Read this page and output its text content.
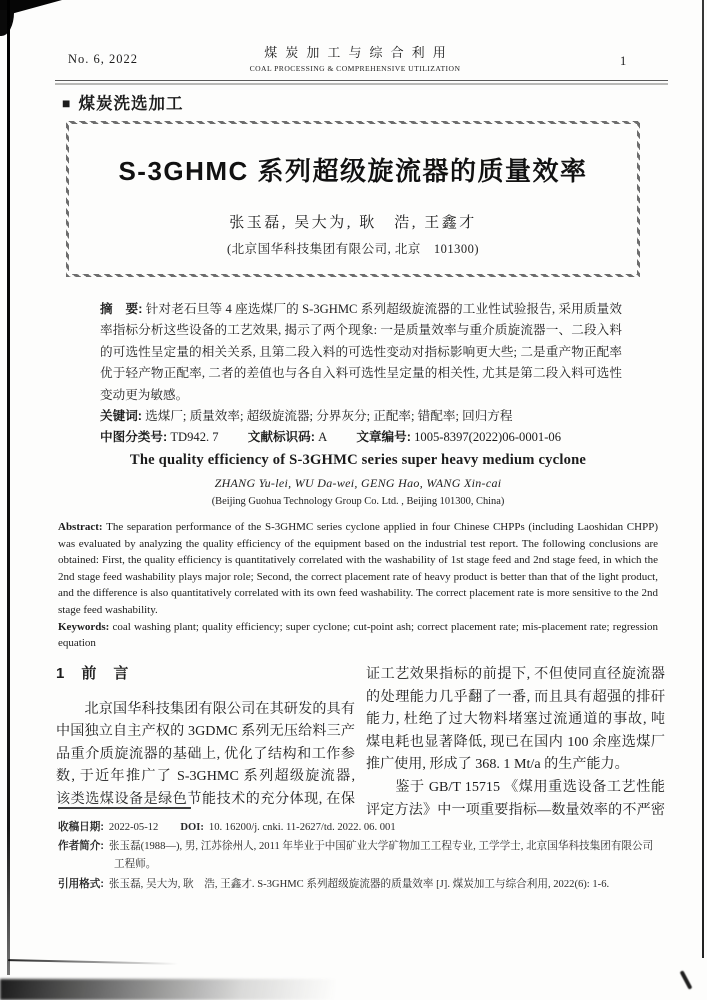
No. 6, 2022	煤炭加工与综合利用
COAL PROCESSING & COMPREHENSIVE UTILIZATION
1
■ 煤炭洗选加工
S-3GHMC 系列超级旋流器的质量效率
张玉磊, 吴大为, 耿　浩, 王鑫才
(北京国华科技集团有限公司, 北京　101300)

摘　要: 针对老石旦等 4 座选煤厂的 S-3GHMC 系列超级旋流器的工业性试验报告, 采用质量效率指标分析这些设备的工艺效果, 揭示了两个现象: 一是质量效率与重介质旋流器一、二段入料的可选性呈定量的相关关系, 且第二段入料的可选性变动对指标影响更大些; 二是重产物正配率优于轻产物正配率, 二者的差值也与各自入料可选性呈定量的相关性, 尤其是第二段入料可选性变动更为敏感。

关键词: 选煤厂; 质量效率; 超级旋流器; 分界灰分; 正配率; 错配率; 回归方程

中图分类号: TD942. 7 文献标识码: A 文章编号: 1005-8397(2022)06-0001-06

The quality efficiency of S-3GHMC series super heavy medium cyclone

ZHANG Yu-lei, WU Da-wei, GENG Hao, WANG Xin-cai

(Beijing Guohua Technology Group Co. Ltd. , Beijing 101300, China)

Abstract: The separation performance of the S-3GHMC series cyclone applied in four Chinese CHPPs (including Laoshidan CHPP) was evaluated by analyzing the quality efficiency of the equipment based on the industrial test report. The following conclusions are obtained: First, the quality efficiency is quantitatively correlated with the washability of 1st stage feed and 2nd stage feed, in which the 2nd stage feed washability plays major role; Second, the correct placement rate of heavy product is better than that of the light product, and the difference is also quantitatively correlated with its own feed washability. The correct placement rate is more sensitive to the 2nd stage feed washability.

Keywords: coal washing plant; quality efficiency; super cyclone; cut-point ash; correct placement rate; mis-placement rate; regression equation

1　前　言
　　北京国华科技集团有限公司在其研发的具有
中国独立自主产权的 3GDMC 系列无压给料三产
品重介质旋流器的基础上, 优化了结构和工作参
数, 于近年推广了 S-3GHMC 系列超级旋流器,
该类选煤设备是绿色节能技术的充分体现, 在保
证工艺效果指标的前提下, 不但使同直径旋流器
的处理能力几乎翻了一番, 而且具有超强的排矸
能力, 杜绝了过大物料堵塞过流通道的事故, 吨
煤电耗也显著降低, 现已在国内 100 余座选煤厂
推广使用, 形成了 368. 1 Mt/a 的生产能力。
　　鉴于 GB/T 15715 《煤用重选设备工艺性能
评定方法》中一项重要指标—数量效率的不严密
收稿日期: 2022-05-12 DOI: 10. 16200/j. cnki. 11-2627/td. 2022. 06. 001
作者简介: 张玉磊(1988—), 男, 江苏徐州人, 2011 年毕业于中国矿业大学矿物加工工程专业, 工学学士, 北京国华科技集团有限公司
工程师。
引用格式: 张玉磊, 吴大为, 耿　浩, 王鑫才. S-3GHMC 系列超级旋流器的质量效率 [J]. 煤炭加工与综合利用, 2022(6): 1-6.
